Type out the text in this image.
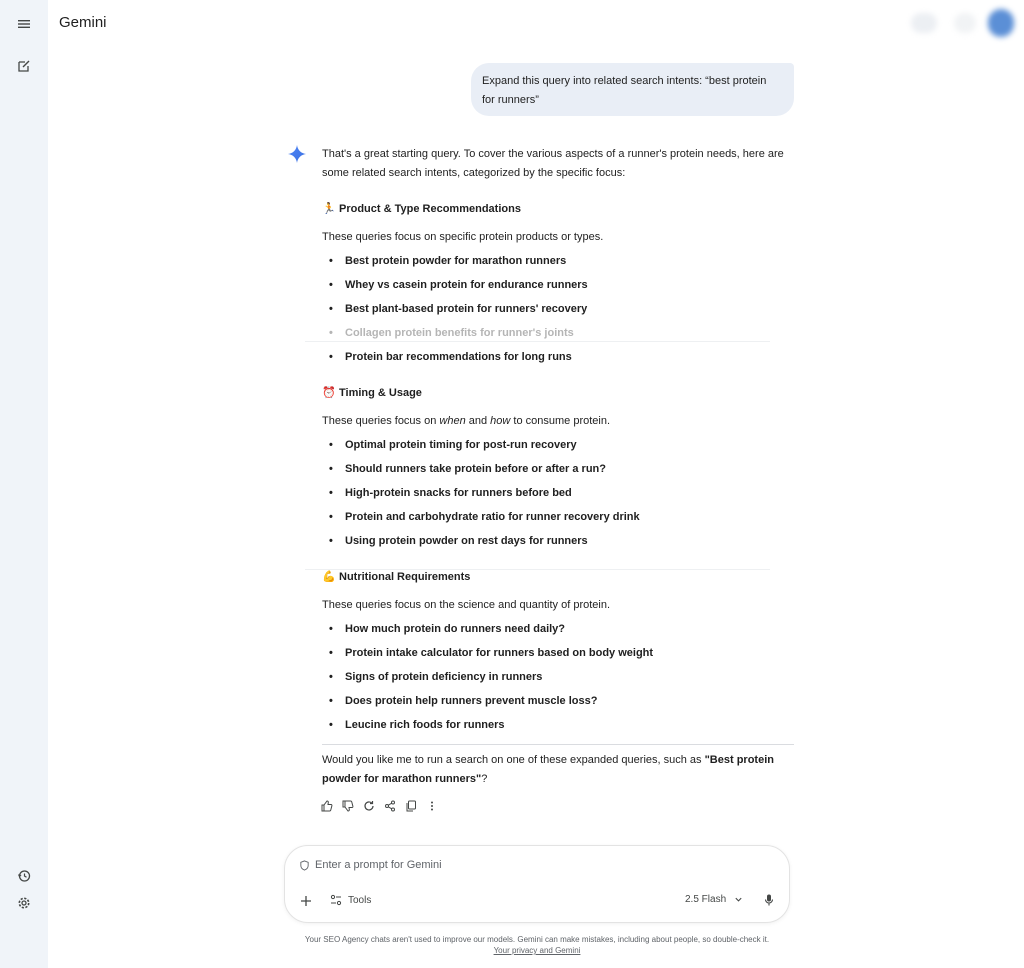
Gemini
Expand this query into related search intents: “best protein for runners”

That's a great starting query. To cover the various aspects of a runner's protein needs, here are some related search intents, categorized by the specific focus:

🏃 Product & Type Recommendations
These queries focus on specific protein products or types.
• Best protein powder for marathon runners
• Whey vs casein protein for endurance runners
• Best plant-based protein for runners' recovery
• Collagen protein benefits for runner's joints
• Protein bar recommendations for long runs
⏰ Timing & Usage
These queries focus on when and how to consume protein.
• Optimal protein timing for post-run recovery
• Should runners take protein before or after a run?
• High-protein snacks for runners before bed
• Protein and carbohydrate ratio for runner recovery drink
• Using protein powder on rest days for runners
💪 Nutritional Requirements
These queries focus on the science and quantity of protein.
• How much protein do runners need daily?
• Protein intake calculator for runners based on body weight
• Signs of protein deficiency in runners
• Does protein help runners prevent muscle loss?
• Leucine rich foods for runners
Would you like me to run a search on one of these expanded queries, such as "Best protein powder for marathon runners"?
Enter a prompt for Gemini
Tools	2.5 Flash
Your SEO Agency chats aren't used to improve our models. Gemini can make mistakes, including about people, so double-check it.
Your privacy and Gemini
